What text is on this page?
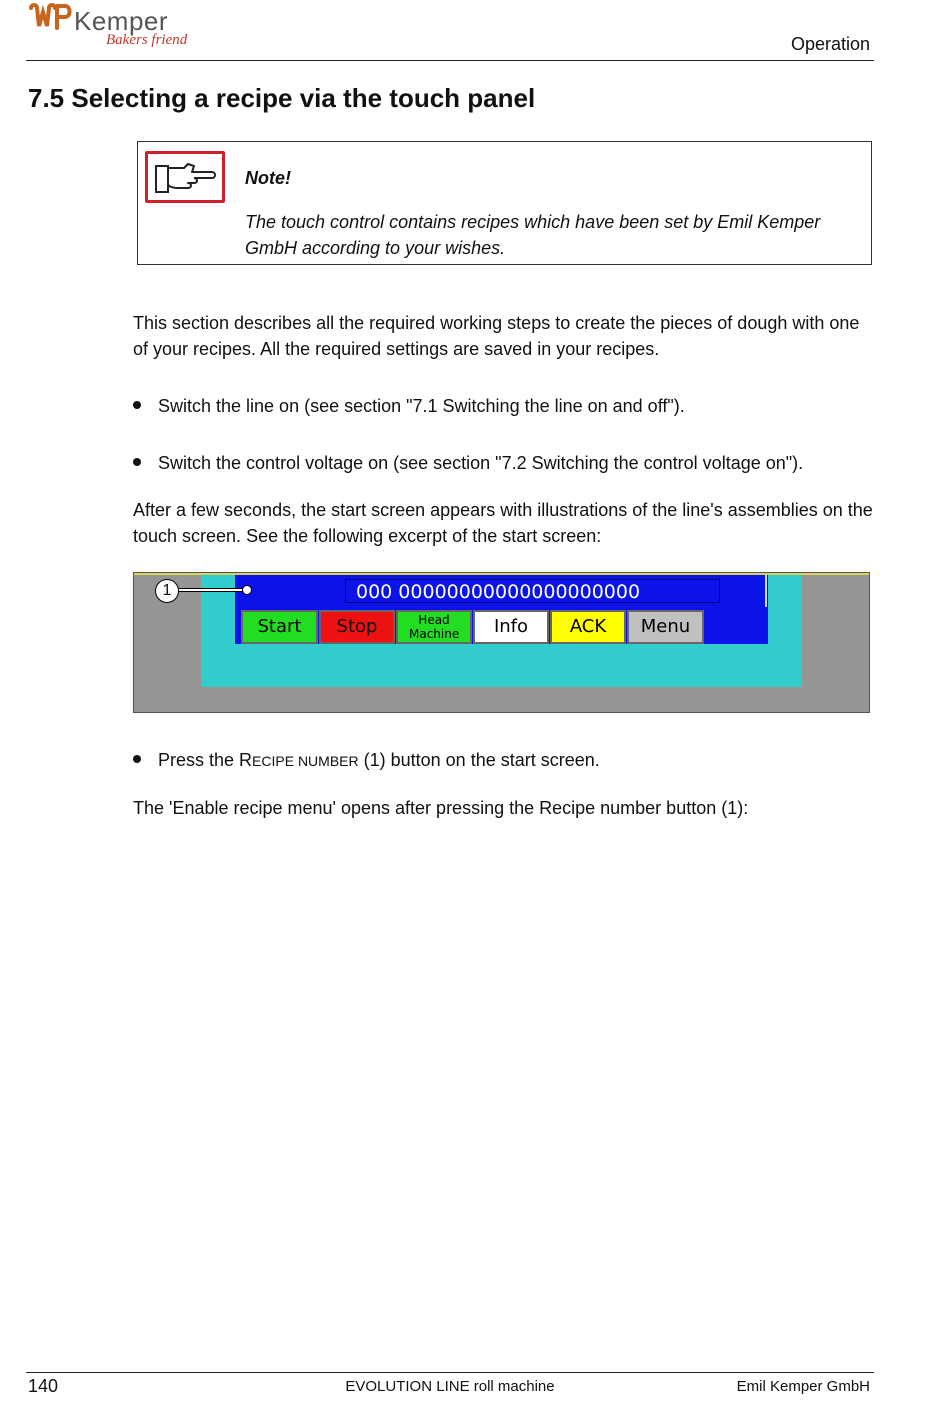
Kemper
Bakers friend	Operation
7.5 Selecting a recipe via the touch panel
Note!
The touch control contains recipes which have been set by Emil Kemper GmbH according to your wishes.
This section describes all the required working steps to create the pieces of dough with one of your recipes. All the required settings are saved in your recipes.
Switch the line on (see section "7.1 Switching the line on and off").
Switch the control voltage on (see section "7.2 Switching the control voltage on").
After a few seconds, the start screen appears with illustrations of the line's assemblies on the touch screen. See the following excerpt of the start screen:
000 00000000000000000000
Start	Stop	Head Machine	Info	ACK	Menu
1
Press the RECIPE NUMBER (1) button on the start screen.
The 'Enable recipe menu' opens after pressing the Recipe number button (1):
140	EVOLUTION LINE roll machine	Emil Kemper GmbH
